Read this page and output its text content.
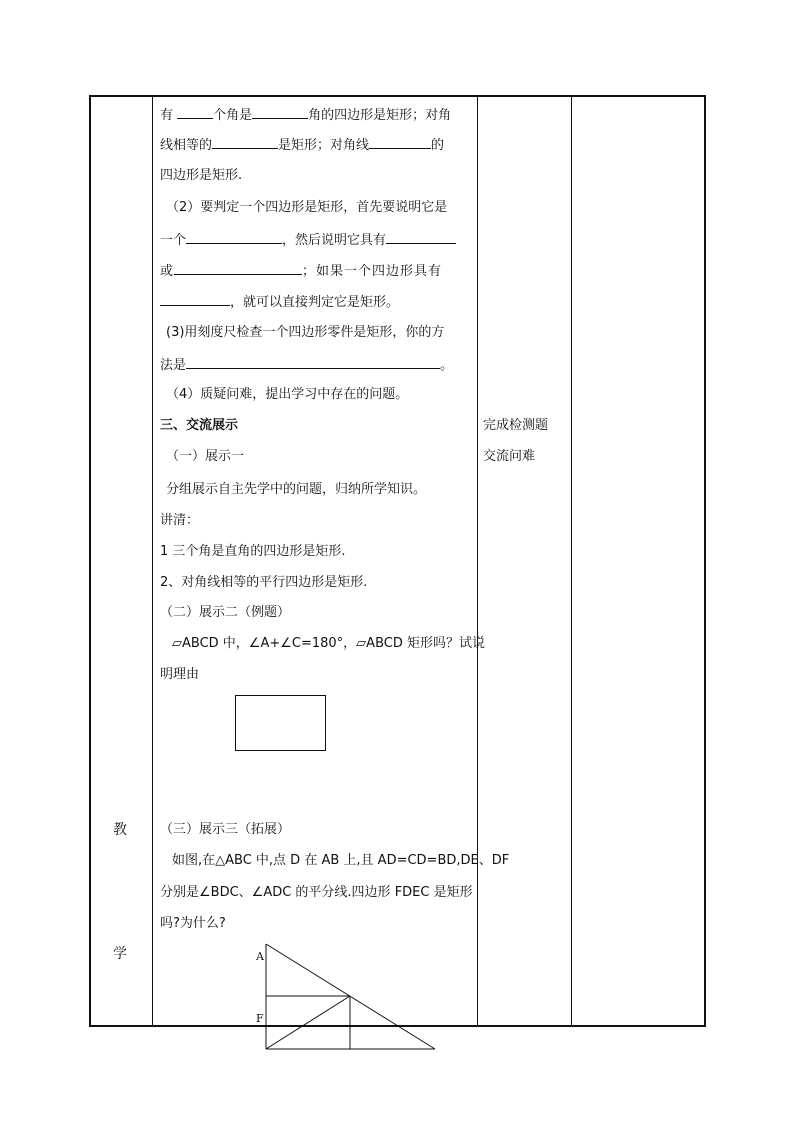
教
学
有	个角是	角的四边形是矩形；对角
线相等的	是矩形；对角线	的
四边形是矩形.
（2）要判定一个四边形是矩形，首先要说明它是
一个	，然后说明它具有
或	；如果一个四边形具有
，就可以直接判定它是矩形。
(3)用刻度尺检查一个四边形零件是矩形，你的方
法是	。
（4）质疑问难，提出学习中存在的问题。
三、交流展示
（一）展示一
分组展示自主先学中的问题，归纳所学知识。
讲清：
1 三个角是直角的四边形是矩形.
2、对角线相等的平行四边形是矩形.
（二）展示二（例题）
▱ABCD 中，∠A+∠C=180°，▱ABCD 矩形吗？试说
明理由
（三）展示三（拓展）
如图,在△ABC 中,点 D 在 AB 上,且 AD=CD=BD,DE、DF
分别是∠BDC、∠ADC 的平分线.四边形 FDEC 是矩形
吗?为什么?
完成检测题
交流问难
A
F
